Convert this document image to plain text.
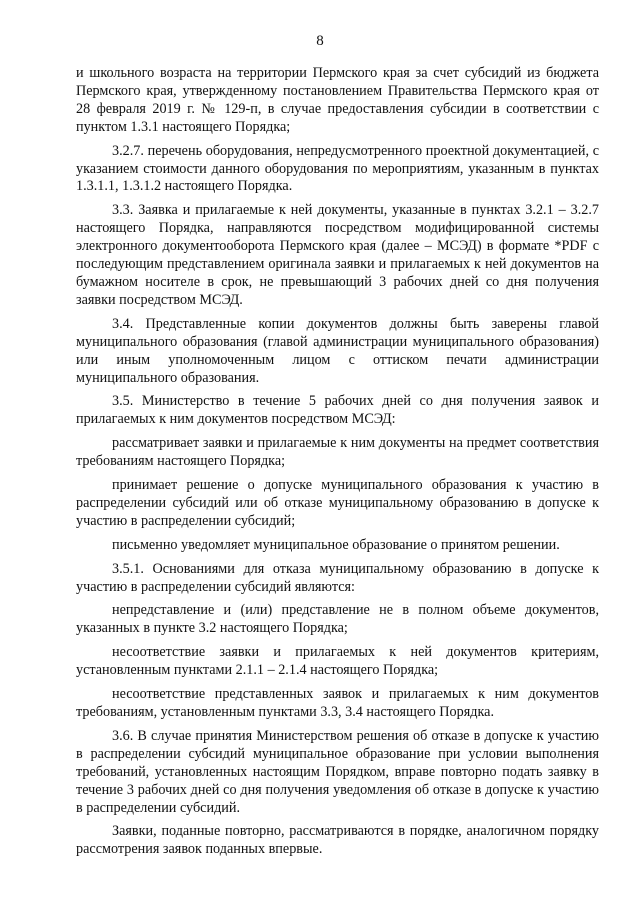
8

и школьного возраста на территории Пермского края за счет субсидий из бюджета Пермского края, утвержденному постановлением Правительства Пермского края от 28 февраля 2019 г. № 129-п, в случае предоставления субсидии в соответствии с пунктом 1.3.1 настоящего Порядка;

3.2.7. перечень оборудования, непредусмотренного проектной документацией, с указанием стоимости данного оборудования по мероприятиям, указанным в пунктах 1.3.1.1, 1.3.1.2 настоящего Порядка.

3.3. Заявка и прилагаемые к ней документы, указанные в пунктах 3.2.1 – 3.2.7 настоящего Порядка, направляются посредством модифицированной системы электронного документооборота Пермского края (далее – МСЭД) в формате *PDF с последующим представлением оригинала заявки и прилагаемых к ней документов на бумажном носителе в срок, не превышающий 3 рабочих дней со дня получения заявки посредством МСЭД.

3.4. Представленные копии документов должны быть заверены главой муниципального образования (главой администрации муниципального образования) или иным уполномоченным лицом с оттиском печати администрации муниципального образования.

3.5. Министерство в течение 5 рабочих дней со дня получения заявок и прилагаемых к ним документов посредством МСЭД:

рассматривает заявки и прилагаемые к ним документы на предмет соответствия требованиям настоящего Порядка;

принимает решение о допуске муниципального образования к участию в распределении субсидий или об отказе муниципальному образованию в допуске к участию в распределении субсидий;

письменно уведомляет муниципальное образование о принятом решении.

3.5.1. Основаниями для отказа муниципальному образованию в допуске к участию в распределении субсидий являются:

непредставление и (или) представление не в полном объеме документов, указанных в пункте 3.2 настоящего Порядка;

несоответствие заявки и прилагаемых к ней документов критериям, установленным пунктами 2.1.1 – 2.1.4 настоящего Порядка;

несоответствие представленных заявок и прилагаемых к ним документов требованиям, установленным пунктами 3.3, 3.4 настоящего Порядка.

3.6. В случае принятия Министерством решения об отказе в допуске к участию в распределении субсидий муниципальное образование при условии выполнения требований, установленных настоящим Порядком, вправе повторно подать заявку в течение 3 рабочих дней со дня получения уведомления об отказе в допуске к участию в распределении субсидий.

Заявки, поданные повторно, рассматриваются в порядке, аналогичном порядку рассмотрения заявок поданных впервые.
